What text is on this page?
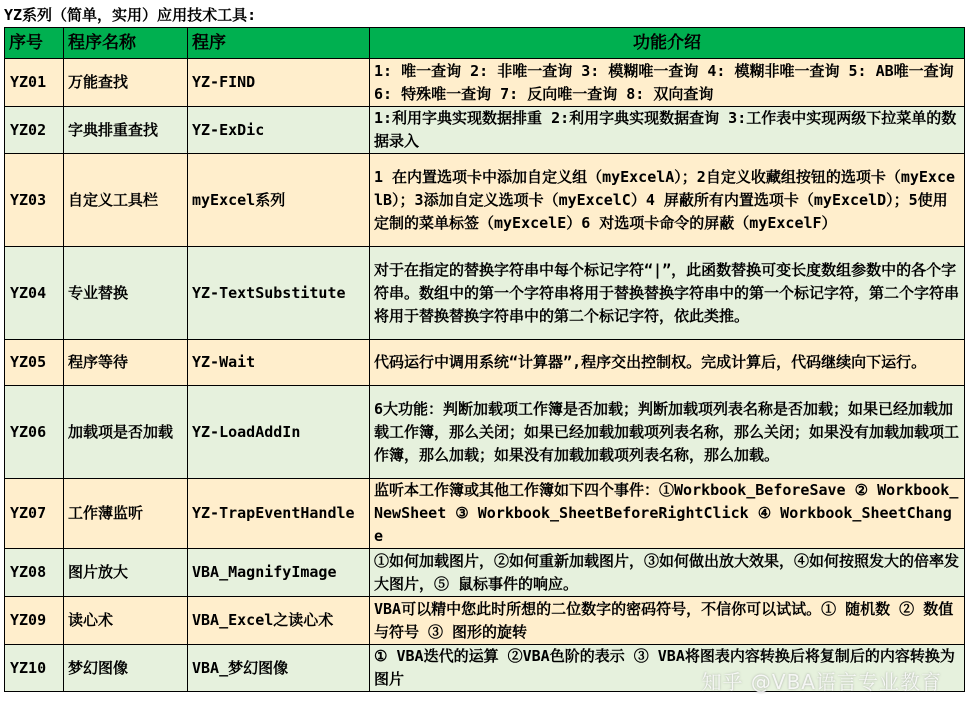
YZ系列（简单，实用）应用技术工具:
序号	程序名称	程序	功能介绍
YZ01	万能查找	YZ-FIND	1: 唯一查询 2: 非唯一查询 3: 模糊唯一查询 4: 模糊非唯一查询 5: AB唯一查询 6: 特殊唯一查询 7: 反向唯一查询 8: 双向查询
YZ02	字典排重查找	YZ-ExDic	1:利用字典实现数据排重 2:利用字典实现数据查询 3:工作表中实现两级下拉菜单的数据录入
YZ03	自定义工具栏	myExcel系列	1 在内置选项卡中添加自定义组（myExcelA）；2自定义收藏组按钮的选项卡（myExcelB）；3添加自定义选项卡（myExcelC）4 屏蔽所有内置选项卡（myExcelD）；5使用定制的菜单标签（myExcelE）6 对选项卡命令的屏蔽（myExcelF）
YZ04	专业替换	YZ-TextSubstitute	对于在指定的替换字符串中每个标记字符“|”，此函数替换可变长度数组参数中的各个字符串。数组中的第一个字符串将用于替换替换字符串中的第一个标记字符，第二个字符串将用于替换替换字符串中的第二个标记字符，依此类推。
YZ05	程序等待	YZ-Wait	代码运行中调用系统“计算器”,程序交出控制权。完成计算后，代码继续向下运行。
YZ06	加载项是否加载	YZ-LoadAddIn	6大功能：判断加载项工作簿是否加载；判断加载项列表名称是否加载；如果已经加载加载工作簿，那么关闭；如果已经加载加载项列表名称，那么关闭；如果没有加载加载项工作簿，那么加载；如果没有加载加载项列表名称，那么加载。
YZ07	工作薄监听	YZ-TrapEventHandle	监听本工作簿或其他工作簿如下四个事件：①Workbook_BeforeSave ② Workbook_NewSheet ③ Workbook_SheetBeforeRightClick ④ Workbook_SheetChange
YZ08	图片放大	VBA_MagnifyImage	①如何加载图片，②如何重新加载图片，③如何做出放大效果，④如何按照发大的倍率发大图片，⑤ 鼠标事件的响应。
YZ09	读心术	VBA_Excel之读心术	VBA可以精中您此时所想的二位数字的密码符号，不信你可以试试。① 随机数 ② 数值与符号 ③ 图形的旋转
YZ10	梦幻图像	VBA_梦幻图像	① VBA迭代的运算 ②VBA色阶的表示 ③ VBA将图表内容转换后将复制后的内容转换为图片	知乎 @VBA语言专业教育
